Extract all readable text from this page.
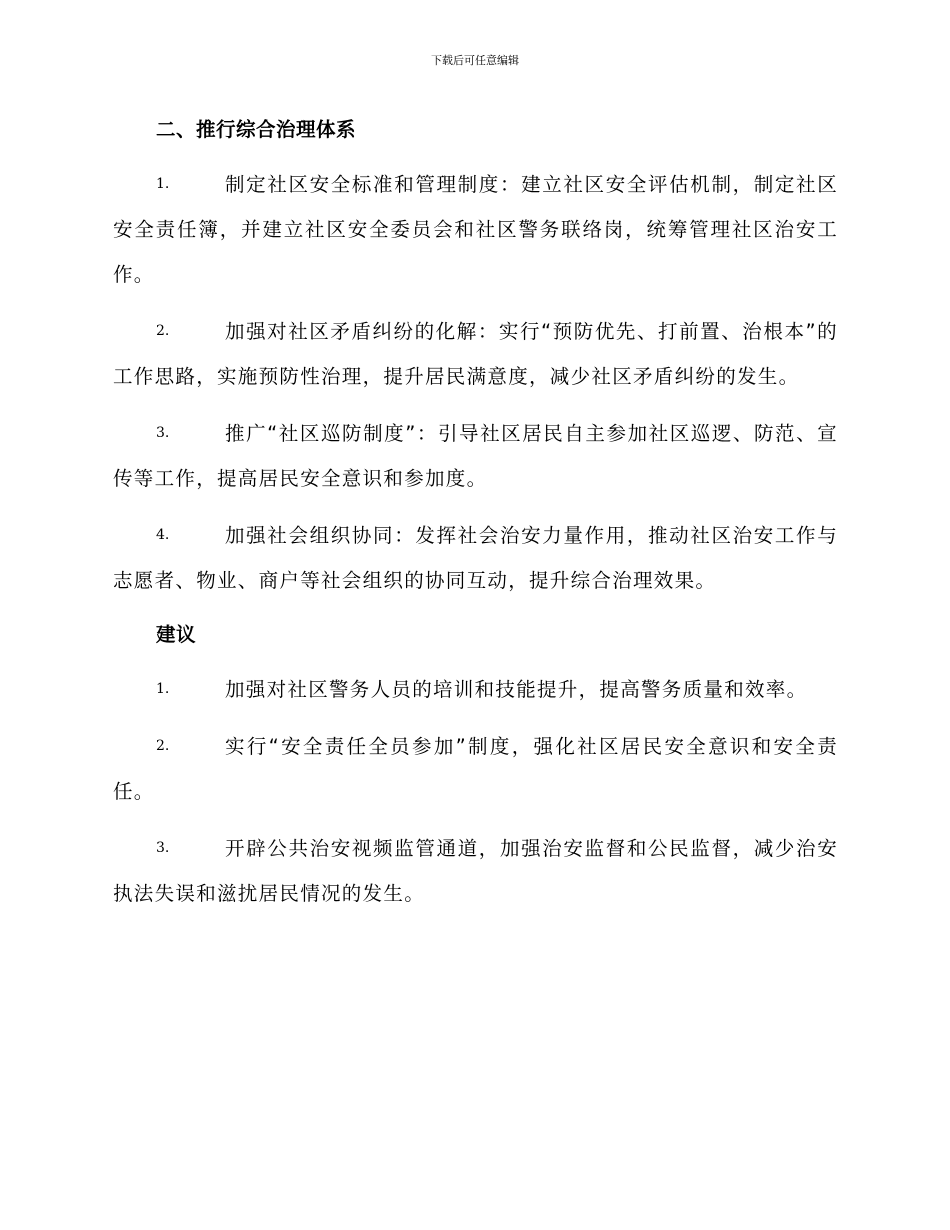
下载后可任意编辑
二、推行综合治理体系

1.	制定社区安全标准和管理制度：建立社区安全评估机制，制定社区安全责任簿，并建立社区安全委员会和社区警务联络岗，统筹管理社区治安工作。

2.	加强对社区矛盾纠纷的化解：实行“预防优先、打前置、治根本”的工作思路，实施预防性治理，提升居民满意度，减少社区矛盾纠纷的发生。

3.	推广“社区巡防制度”：引导社区居民自主参加社区巡逻、防范、宣传等工作，提高居民安全意识和参加度。

4.	加强社会组织协同：发挥社会治安力量作用，推动社区治安工作与志愿者、物业、商户等社会组织的协同互动，提升综合治理效果。

建议

1.	加强对社区警务人员的培训和技能提升，提高警务质量和效率。

2.	实行“安全责任全员参加”制度，强化社区居民安全意识和安全责任。

3.	开辟公共治安视频监管通道，加强治安监督和公民监督，减少治安执法失误和滋扰居民情况的发生。
